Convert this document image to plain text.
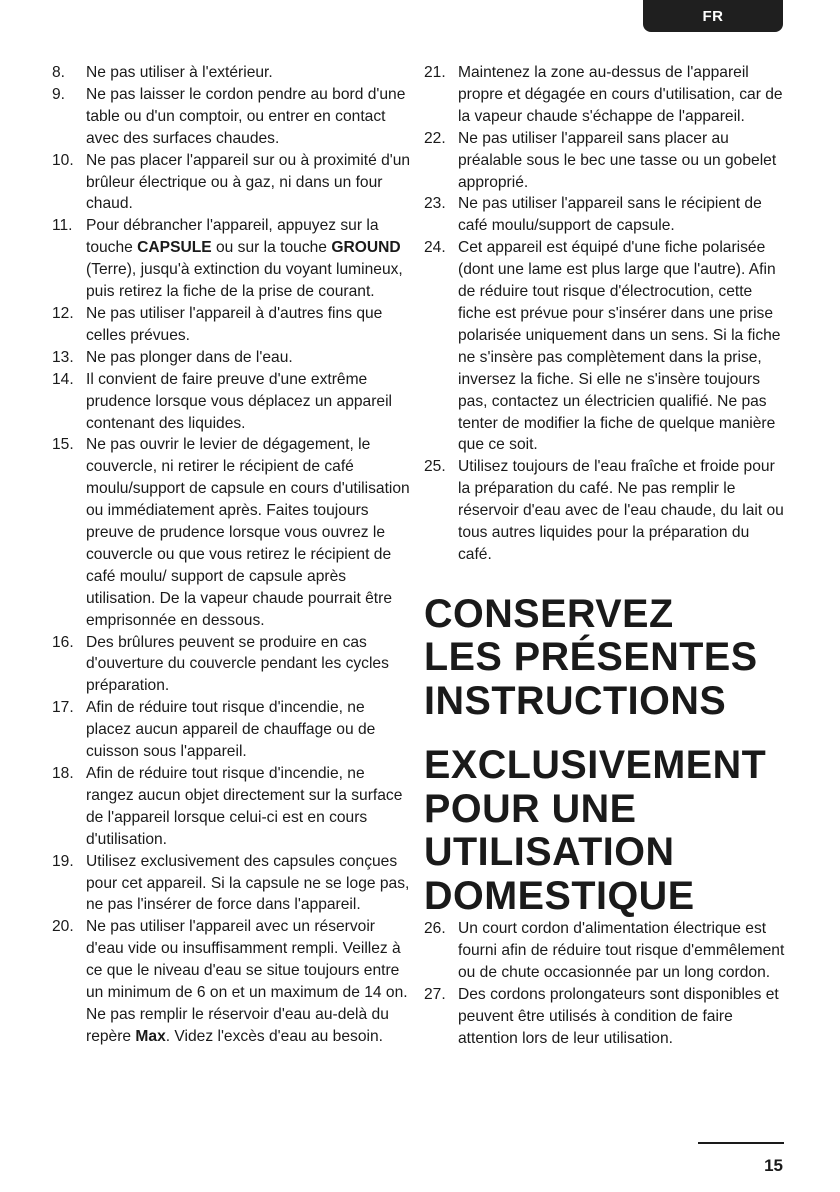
FR
8.	Ne pas utiliser à l'extérieur.
9.	Ne pas laisser le cordon pendre au bord d'une table ou d'un comptoir, ou entrer en contact avec des surfaces chaudes.
10. Ne pas placer l'appareil sur ou à proximité d'un brûleur électrique ou à gaz, ni dans un four chaud.
11. Pour débrancher l'appareil, appuyez sur la touche CAPSULE ou sur la touche GROUND (Terre), jusqu'à extinction du voyant lumineux, puis retirez la fiche de la prise de courant.
12. Ne pas utiliser l'appareil à d'autres fins que celles prévues.
13. Ne pas plonger dans de l'eau.
14. Il convient de faire preuve d'une extrême prudence lorsque vous déplacez un appareil contenant des liquides.
15. Ne pas ouvrir le levier de dégagement, le couvercle, ni retirer le récipient de café moulu/support de capsule en cours d'utilisation ou immédiatement après. Faites toujours preuve de prudence lorsque vous ouvrez le couvercle ou que vous retirez le récipient de café moulu/ support de capsule après utilisation. De la vapeur chaude pourrait être emprisonnée en dessous.
16. Des brûlures peuvent se produire en cas d'ouverture du couvercle pendant les cycles préparation.
17. Afin de réduire tout risque d'incendie, ne placez aucun appareil de chauffage ou de cuisson sous l'appareil.
18. Afin de réduire tout risque d'incendie, ne rangez aucun objet directement sur la surface de l'appareil lorsque celui-ci est en cours d'utilisation.
19. Utilisez exclusivement des capsules conçues pour cet appareil. Si la capsule ne se loge pas, ne pas l'insérer de force dans l'appareil.
20. Ne pas utiliser l'appareil avec un réservoir d'eau vide ou insuffisamment rempli. Veillez à ce que le niveau d'eau se situe toujours entre un minimum de 6 on et un maximum de 14 on. Ne pas remplir le réservoir d'eau au-delà du repère Max. Videz l'excès d'eau au besoin.
21. Maintenez la zone au-dessus de l'appareil propre et dégagée en cours d'utilisation, car de la vapeur chaude s'échappe de l'appareil.
22. Ne pas utiliser l'appareil sans placer au préalable sous le bec une tasse ou un gobelet approprié.
23. Ne pas utiliser l'appareil sans le récipient de café moulu/support de capsule.
24. Cet appareil est équipé d'une fiche polarisée (dont une lame est plus large que l'autre). Afin de réduire tout risque d'électrocution, cette fiche est prévue pour s'insérer dans une prise polarisée uniquement dans un sens. Si la fiche ne s'insère pas complètement dans la prise, inversez la fiche. Si elle ne s'insère toujours pas, contactez un électricien qualifié. Ne pas tenter de modifier la fiche de quelque manière que ce soit.
25. Utilisez toujours de l'eau fraîche et froide pour la préparation du café. Ne pas remplir le réservoir d'eau avec de l'eau chaude, du lait ou tous autres liquides pour la préparation du café.
CONSERVEZ
LES PRÉSENTES
INSTRUCTIONS
EXCLUSIVEMENT
POUR UNE
UTILISATION
DOMESTIQUE
26. Un court cordon d'alimentation électrique est fourni afin de réduire tout risque d'emmêlement ou de chute occasionnée par un long cordon.
27. Des cordons prolongateurs sont disponibles et peuvent être utilisés à condition de faire attention lors de leur utilisation.
15
